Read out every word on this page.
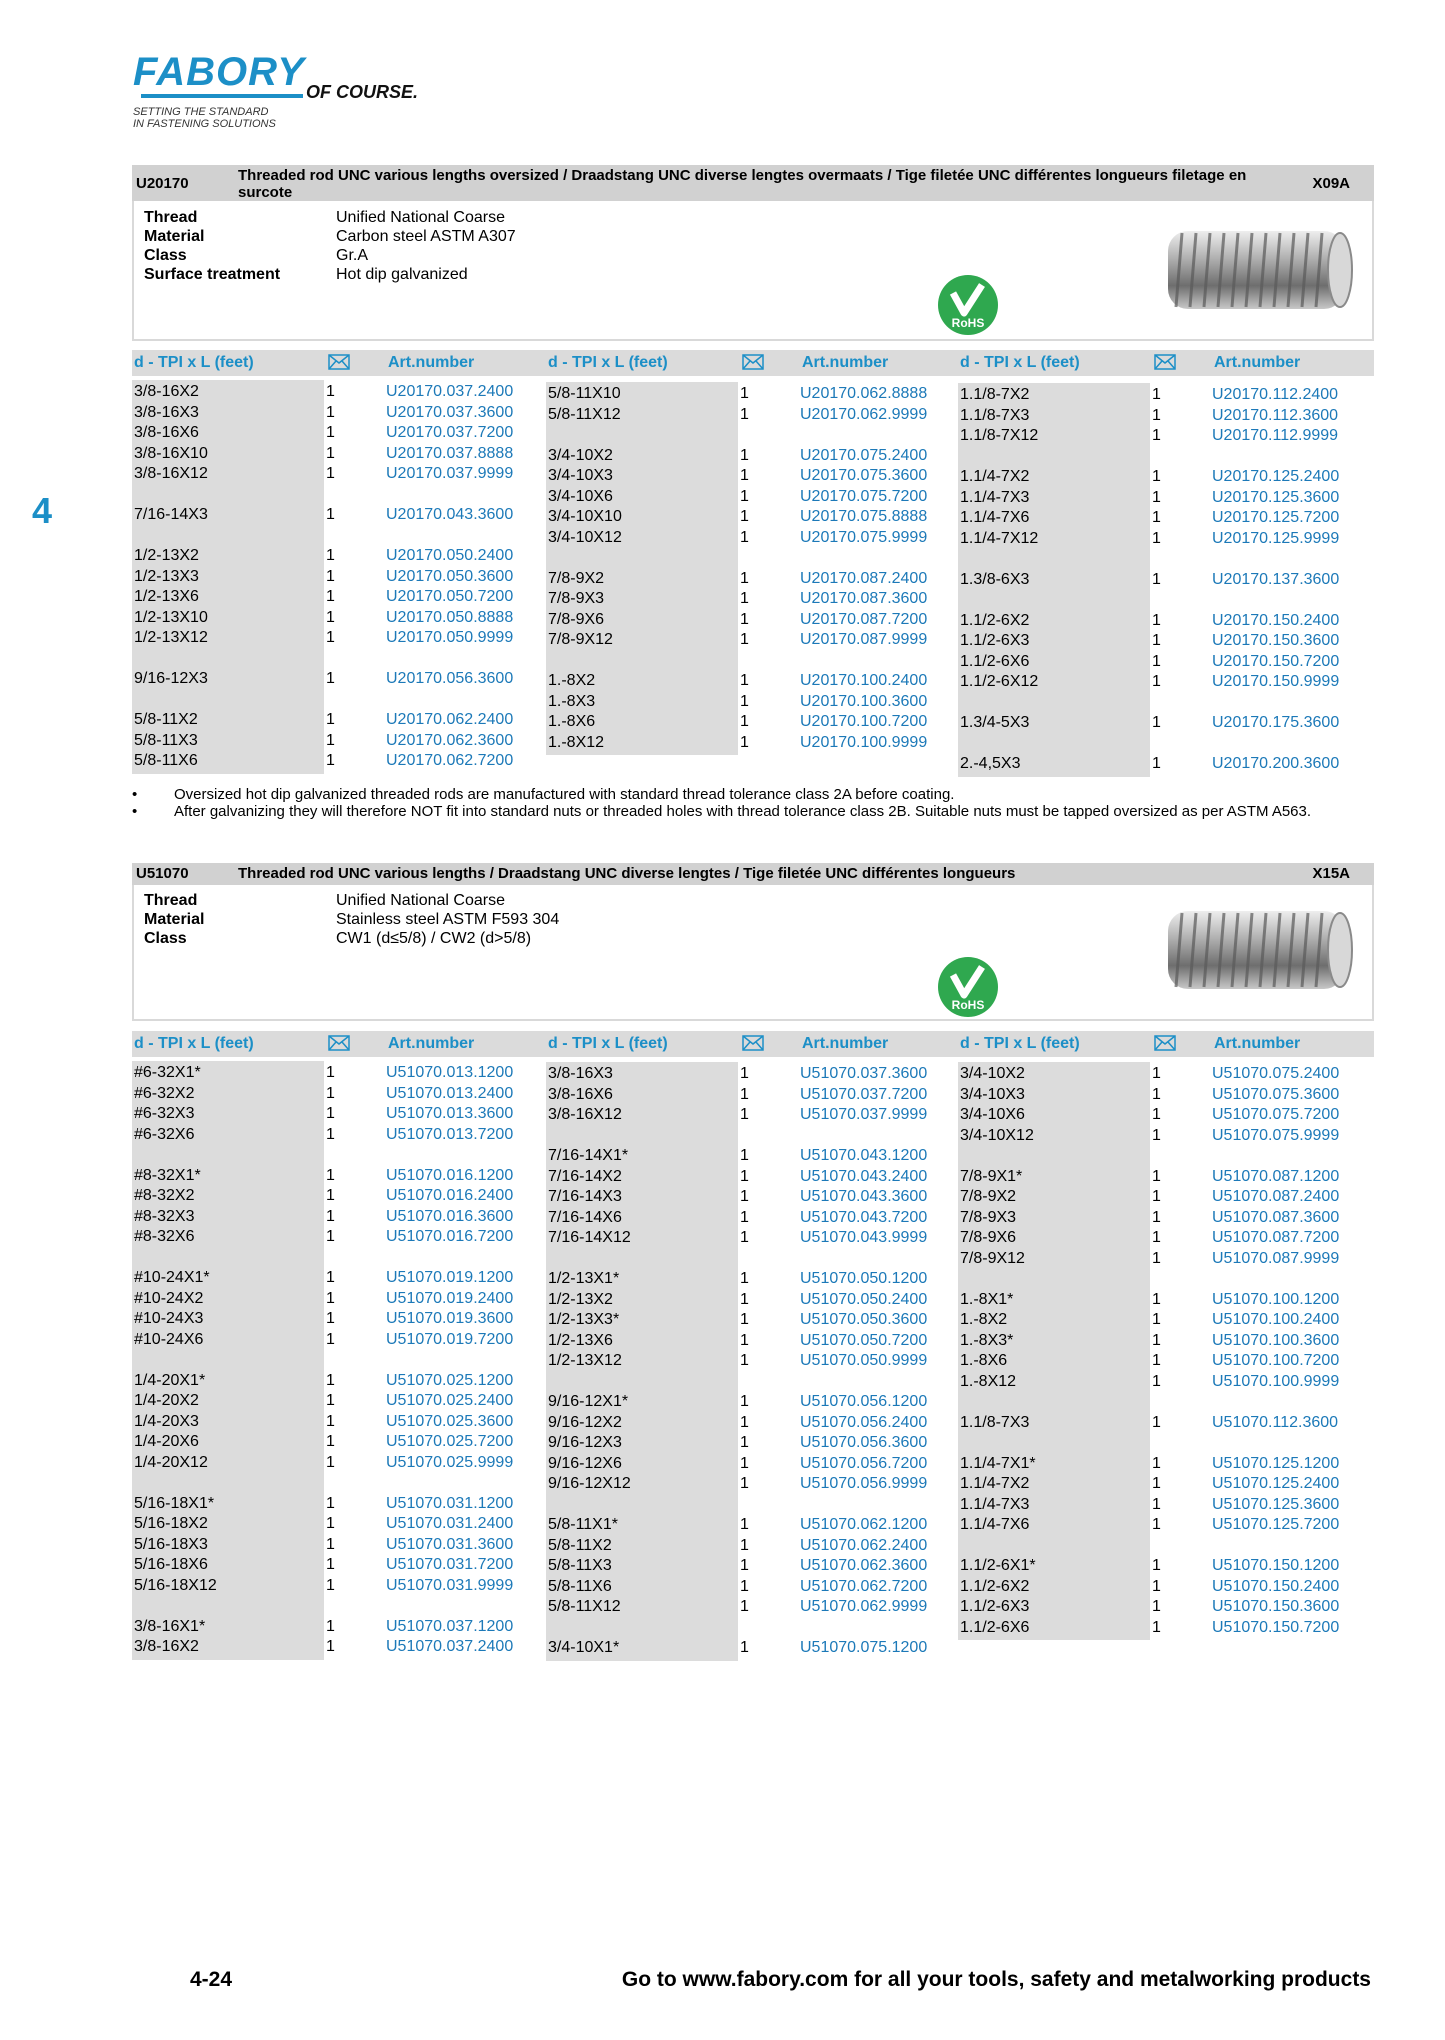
FABORY OF COURSE.
SETTING THE STANDARD
IN FASTENING SOLUTIONS
4
U20170	Threaded rod UNC various lengths oversized / Draadstang UNC diverse lengtes overmaats / Tige filetée UNC différentes longueurs filetage en surcote
X09A
Thread	Unified National Coarse
Material	Carbon steel ASTM A307
Class	Gr.A
Surface treatment	Hot dip galvanized
RoHS
d - TPI x L (feet)	Art.number	d - TPI x L (feet)	Art.number	d - TPI x L (feet)	Art.number
3/8-16X2	1	U20170.037.2400
3/8-16X3	1	U20170.037.3600
3/8-16X6	1	U20170.037.7200
3/8-16X10	1	U20170.037.8888
3/8-16X12	1	U20170.037.9999
7/16-14X3	1	U20170.043.3600
1/2-13X2	1	U20170.050.2400
1/2-13X3	1	U20170.050.3600
1/2-13X6	1	U20170.050.7200
1/2-13X10	1	U20170.050.8888
1/2-13X12	1	U20170.050.9999
9/16-12X3	1	U20170.056.3600
5/8-11X2	1	U20170.062.2400
5/8-11X3	1	U20170.062.3600
5/8-11X6	1	U20170.062.7200
5/8-11X10	1	U20170.062.8888
5/8-11X12	1	U20170.062.9999
3/4-10X2	1	U20170.075.2400
3/4-10X3	1	U20170.075.3600
3/4-10X6	1	U20170.075.7200
3/4-10X10	1	U20170.075.8888
3/4-10X12	1	U20170.075.9999
7/8-9X2	1	U20170.087.2400
7/8-9X3	1	U20170.087.3600
7/8-9X6	1	U20170.087.7200
7/8-9X12	1	U20170.087.9999
1.-8X2	1	U20170.100.2400
1.-8X3	1	U20170.100.3600
1.-8X6	1	U20170.100.7200
1.-8X12	1	U20170.100.9999
1.1/8-7X2	1	U20170.112.2400
1.1/8-7X3	1	U20170.112.3600
1.1/8-7X12	1	U20170.112.9999
1.1/4-7X2	1	U20170.125.2400
1.1/4-7X3	1	U20170.125.3600
1.1/4-7X6	1	U20170.125.7200
1.1/4-7X12	1	U20170.125.9999
1.3/8-6X3	1	U20170.137.3600
1.1/2-6X2	1	U20170.150.2400
1.1/2-6X3	1	U20170.150.3600
1.1/2-6X6	1	U20170.150.7200
1.1/2-6X12	1	U20170.150.9999
1.3/4-5X3	1	U20170.175.3600
2.-4,5X3	1	U20170.200.3600
• Oversized hot dip galvanized threaded rods are manufactured with standard thread tolerance class 2A before coating.
• After galvanizing they will therefore NOT fit into standard nuts or threaded holes with thread tolerance class 2B. Suitable nuts must be tapped oversized as per ASTM A563.
U51070	Threaded rod UNC various lengths / Draadstang UNC diverse lengtes / Tige filetée UNC différentes longueurs	X15A
Thread	Unified National Coarse
Material	Stainless steel ASTM F593 304
Class	CW1 (d≤5/8) / CW2 (d>5/8)
RoHS
d - TPI x L (feet)	Art.number	d - TPI x L (feet)	Art.number	d - TPI x L (feet)	Art.number
#6-32X1*	1	U51070.013.1200
#6-32X2	1	U51070.013.2400
#6-32X3	1	U51070.013.3600
#6-32X6	1	U51070.013.7200
#8-32X1*	1	U51070.016.1200
#8-32X2	1	U51070.016.2400
#8-32X3	1	U51070.016.3600
#8-32X6	1	U51070.016.7200
#10-24X1*	1	U51070.019.1200
#10-24X2	1	U51070.019.2400
#10-24X3	1	U51070.019.3600
#10-24X6	1	U51070.019.7200
1/4-20X1*	1	U51070.025.1200
1/4-20X2	1	U51070.025.2400
1/4-20X3	1	U51070.025.3600
1/4-20X6	1	U51070.025.7200
1/4-20X12	1	U51070.025.9999
5/16-18X1*	1	U51070.031.1200
5/16-18X2	1	U51070.031.2400
5/16-18X3	1	U51070.031.3600
5/16-18X6	1	U51070.031.7200
5/16-18X12	1	U51070.031.9999
3/8-16X1*	1	U51070.037.1200
3/8-16X2	1	U51070.037.2400
3/8-16X3	1	U51070.037.3600
3/8-16X6	1	U51070.037.7200
3/8-16X12	1	U51070.037.9999
7/16-14X1*	1	U51070.043.1200
7/16-14X2	1	U51070.043.2400
7/16-14X3	1	U51070.043.3600
7/16-14X6	1	U51070.043.7200
7/16-14X12	1	U51070.043.9999
1/2-13X1*	1	U51070.050.1200
1/2-13X2	1	U51070.050.2400
1/2-13X3*	1	U51070.050.3600
1/2-13X6	1	U51070.050.7200
1/2-13X12	1	U51070.050.9999
9/16-12X1*	1	U51070.056.1200
9/16-12X2	1	U51070.056.2400
9/16-12X3	1	U51070.056.3600
9/16-12X6	1	U51070.056.7200
9/16-12X12	1	U51070.056.9999
5/8-11X1*	1	U51070.062.1200
5/8-11X2	1	U51070.062.2400
5/8-11X3	1	U51070.062.3600
5/8-11X6	1	U51070.062.7200
5/8-11X12	1	U51070.062.9999
3/4-10X1*	1	U51070.075.1200
3/4-10X2	1	U51070.075.2400
3/4-10X3	1	U51070.075.3600
3/4-10X6	1	U51070.075.7200
3/4-10X12	1	U51070.075.9999
7/8-9X1*	1	U51070.087.1200
7/8-9X2	1	U51070.087.2400
7/8-9X3	1	U51070.087.3600
7/8-9X6	1	U51070.087.7200
7/8-9X12	1	U51070.087.9999
1.-8X1*	1	U51070.100.1200
1.-8X2	1	U51070.100.2400
1.-8X3*	1	U51070.100.3600
1.-8X6	1	U51070.100.7200
1.-8X12	1	U51070.100.9999
1.1/8-7X3	1	U51070.112.3600
1.1/4-7X1*	1	U51070.125.1200
1.1/4-7X2	1	U51070.125.2400
1.1/4-7X3	1	U51070.125.3600
1.1/4-7X6	1	U51070.125.7200
1.1/2-6X1*	1	U51070.150.1200
1.1/2-6X2	1	U51070.150.2400
1.1/2-6X3	1	U51070.150.3600
1.1/2-6X6	1	U51070.150.7200
4-24	Go to www.fabory.com for all your tools, safety and metalworking products
